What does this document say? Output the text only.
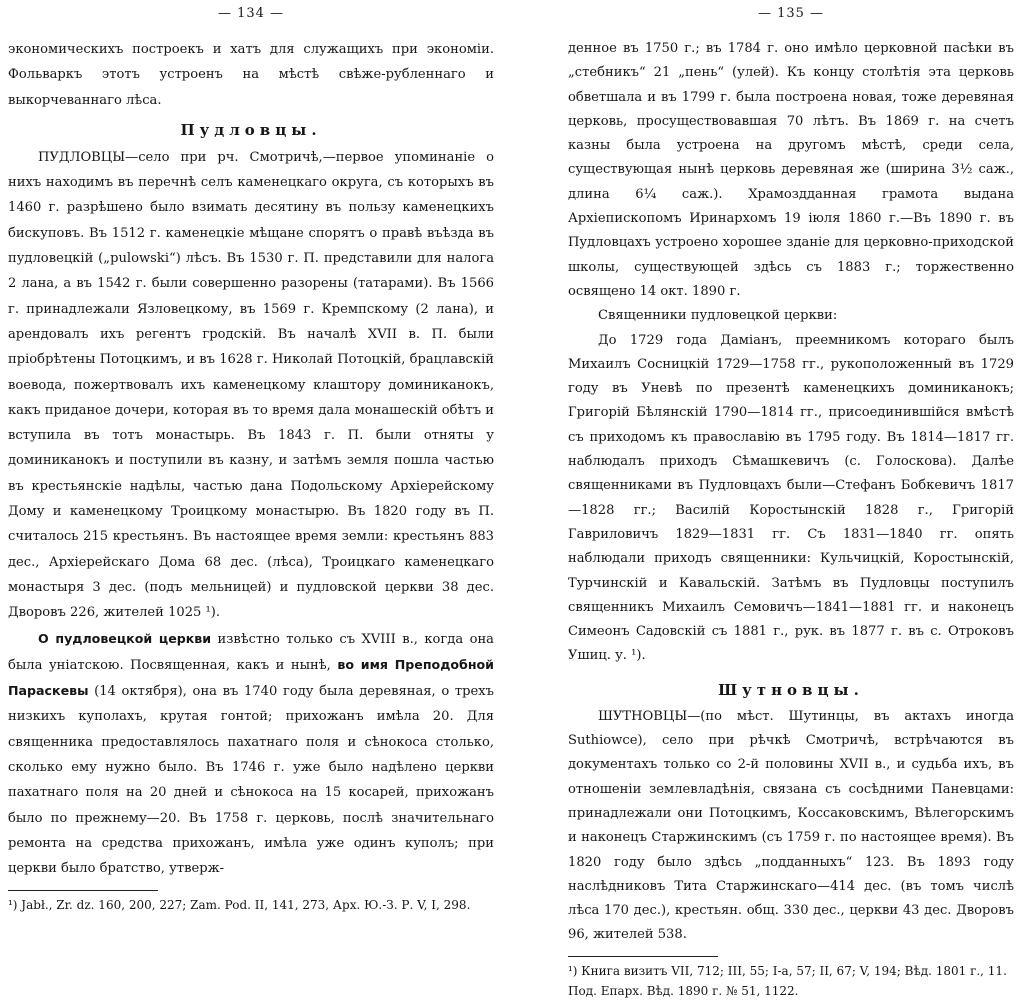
— 134 —

экономическихъ построекъ и хатъ для служащихъ при экономіи. Фольваркъ этотъ устроенъ на мѣстѣ свѣже-рубленнаго и выкорчеваннаго лѣса.

Пудловцы.

ПУДЛОВЦЫ—село при рч. Смотричѣ,—первое упоминаніе о нихъ находимъ въ перечнѣ селъ каменецкаго округа, съ которыхъ въ 1460 г. разрѣшено было взимать десятину въ пользу каменецкихъ бискуповъ. Въ 1512 г. каменецкіе мѣщане спорятъ о правѣ въѣзда въ пудловецкій („pulowski“) лѣсъ. Въ 1530 г. П. представили для налога 2 лана, а въ 1542 г. были совершенно разорены (татарами). Въ 1566 г. принадлежали Язловецкому, въ 1569 г. Кремпскому (2 лана), и арендовалъ ихъ регентъ гродскій. Въ началѣ XVII в. П. были пріобрѣтены Потоцкимъ, и въ 1628 г. Николай Потоцкій, брацлавскій воевода, пожертвовалъ ихъ каменецкому клаштору доминиканокъ, какъ приданое дочери, которая въ то время дала монашескій обѣтъ и вступила въ тотъ монастырь. Въ 1843 г. П. были отняты у доминиканокъ и поступили въ казну, и затѣмъ земля пошла частью въ крестьянскіе надѣлы, частью дана Подольскому Архіерейскому Дому и каменецкому Троицкому монастырю. Въ 1820 году въ П. считалось 215 крестьянъ. Въ настоящее время земли: крестьянъ 883 дес., Архіерейскаго Дома 68 дес. (лѣса), Троицкаго каменецкаго монастыря 3 дес. (подъ мельницей) и пудловской церкви 38 дес. Дворовъ 226, жителей 1025 ¹).

О пудловецкой церкви извѣстно только съ XVIII в., когда она была уніатскою. Посвященная, какъ и нынѣ, во имя Преподобной Параскевы (14 октября), она въ 1740 году была деревяная, о трехъ низкихъ куполахъ, крутая гонтой; прихожанъ имѣла 20. Для священника предоставлялось пахатнаго поля и сѣнокоса столько, сколько ему нужно было. Въ 1746 г. уже было надѣлено церкви пахатнаго поля на 20 дней и сѣнокоса на 15 косарей, прихожанъ было по прежнему—20. Въ 1758 г. церковь, послѣ значительнаго ремонта на средства прихожанъ, имѣла уже одинъ куполъ; при церкви было братство, утверж-

¹) Jabł., Zr. dz. 160, 200, 227; Zam. Pod. II, 141, 273, Арх. Ю.-З. Р. V, I, 298.

— 135 —

денное въ 1750 г.; въ 1784 г. оно имѣло церковной пасѣки въ „стебникъ“ 21 „пень“ (улей). Къ концу столѣтія эта церковь обветшала и въ 1799 г. была построена новая, тоже деревяная церковь, просуществовавшая 70 лѣтъ. Въ 1869 г. на счетъ казны была устроена на другомъ мѣстѣ, среди села, существующая нынѣ церковь деревяная же (ширина 3½ саж., длина 6¼ саж.). Храмоздданная грамота выдана Архіепископомъ Иринархомъ 19 іюля 1860 г.—Въ 1890 г. въ Пудловцахъ устроено хорошее зданіе для церковно-приходской школы, существующей здѣсь съ 1883 г.; торжественно освящено 14 окт. 1890 г.

Священники пудловецкой церкви:

До 1729 года Даміанъ, преемникомъ котораго былъ Михаилъ Сосницкій 1729—1758 гг., рукоположенный въ 1729 году въ Уневѣ по презентѣ каменецкихъ доминиканокъ; Григорій Бѣлянскій 1790—1814 гг., присоединившійся вмѣстѣ съ приходомъ къ православію въ 1795 году. Въ 1814—1817 гг. наблюдалъ приходъ Сѣмашкевичъ (с. Голоскова). Далѣе священниками въ Пудловцахъ были—Стефанъ Бобкевичъ 1817—1828 гг.; Василій Коростынскій 1828 г., Григорій Гавриловичъ 1829—1831 гг. Съ 1831—1840 гг. опять наблюдали приходъ священники: Кульчицкій, Коростынскій, Турчинскій и Кавальскій. Затѣмъ въ Пудловцы поступилъ священникъ Михаилъ Семовичъ—1841—1881 гг. и наконецъ Симеонъ Садовскій съ 1881 г., рук. въ 1877 г. въ с. Отроковъ Ушиц. у. ¹).

Шутновцы.

ШУТНОВЦЫ—(по мѣст. Шутинцы, въ актахъ иногда Suthiowce), село при рѣчкѣ Смотричѣ, встрѣчаются въ документахъ только со 2-й половины XVII в., и судьба ихъ, въ отношеніи землевладѣнія, связана съ сосѣдними Паневцами: принадлежали они Потоцкимъ, Коссаковскимъ, Вѣлегорскимъ и наконецъ Старжинскимъ (съ 1759 г. по настоящее время). Въ 1820 году было здѣсь „подданныхъ“ 123. Въ 1893 году наслѣдниковъ Тита Старжинскаго—414 дес. (въ томъ числѣ лѣса 170 дес.), крестьян. общ. 330 дес., церкви 43 дес. Дворовъ 96, жителей 538.

¹) Книга визитъ VII, 712; III, 55; I-а, 57; II, 67; V, 194; Вѣд. 1801 г., 11. Под. Епарх. Вѣд. 1890 г. № 51, 1122.
